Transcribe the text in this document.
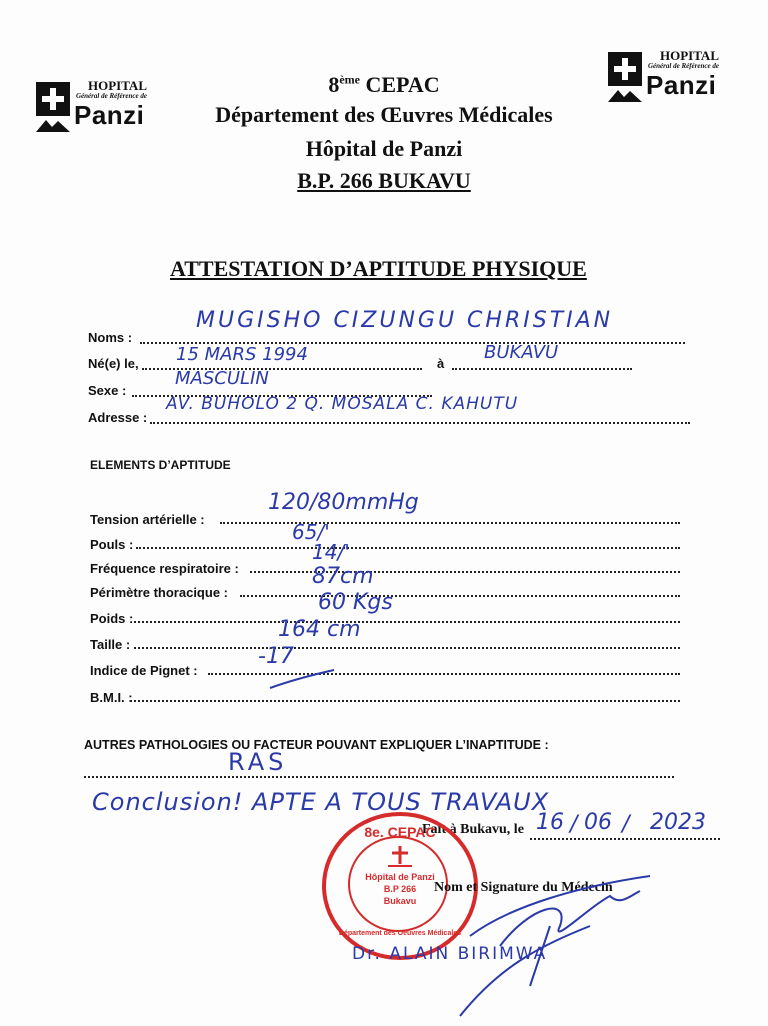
HOPITAL
Général de Référence de
Panzi
HOPITAL
Général de Référence de
Panzi
8ème CEPAC
Département des Œuvres Médicales
Hôpital de Panzi
B.P. 266 BUKAVU
ATTESTATION D’APTITUDE PHYSIQUE
Noms :
MUGISHO CIZUNGU CHRISTIAN
Né(e) le, 15 MARS 1994	à
BUKAVU
Sexe :
MASCULIN
Adresse :
AV. BUHOLO 2 Q. MOSALA C. KAHUTU
ELEMENTS D’APTITUDE
Tension artérielle :
120/80mmHg
Pouls :
65/'
Fréquence respiratoire :
14/'
Périmètre thoracique :
87cm
Poids :
60 Kgs
Taille :
164 cm
Indice de Pignet :
-17
B.M.I. :
AUTRES PATHOLOGIES OU FACTEUR POUVANT EXPLIQUER L’INAPTITUDE :
RAS
Conclusion! APTE A TOUS TRAVAUX
Fait à Bukavu, le 16 / 06 / 2023
8e. CEPAC
Hôpital de Panzi
B.P 266
Bukavu
Département des Oeuvres Médicales
Nom et Signature du Médecin
Dr. ALAIN BIRIMWA
